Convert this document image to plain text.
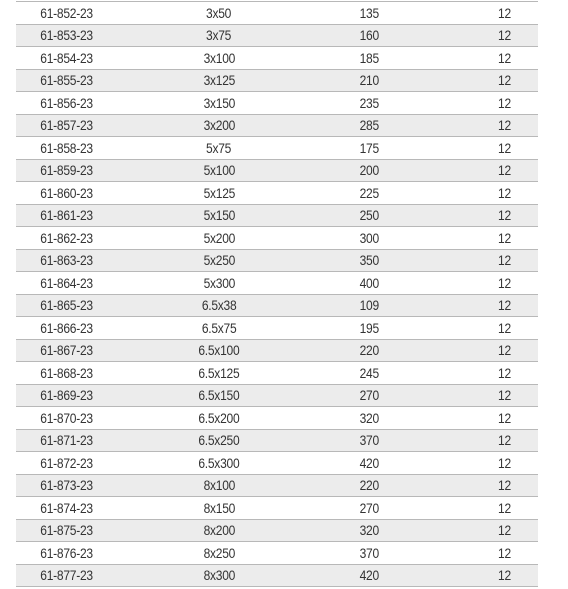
61-852-23	3x50	135	12
61-853-23	3x75	160	12
61-854-23	3x100	185	12
61-855-23	3x125	210	12
61-856-23	3x150	235	12
61-857-23	3x200	285	12
61-858-23	5x75	175	12
61-859-23	5x100	200	12
61-860-23	5x125	225	12
61-861-23	5x150	250	12
61-862-23	5x200	300	12
61-863-23	5x250	350	12
61-864-23	5x300	400	12
61-865-23	6.5x38	109	12
61-866-23	6.5x75	195	12
61-867-23	6.5x100	220	12
61-868-23	6.5x125	245	12
61-869-23	6.5x150	270	12
61-870-23	6.5x200	320	12
61-871-23	6.5x250	370	12
61-872-23	6.5x300	420	12
61-873-23	8x100	220	12
61-874-23	8x150	270	12
61-875-23	8x200	320	12
61-876-23	8x250	370	12
61-877-23	8x300	420	12
